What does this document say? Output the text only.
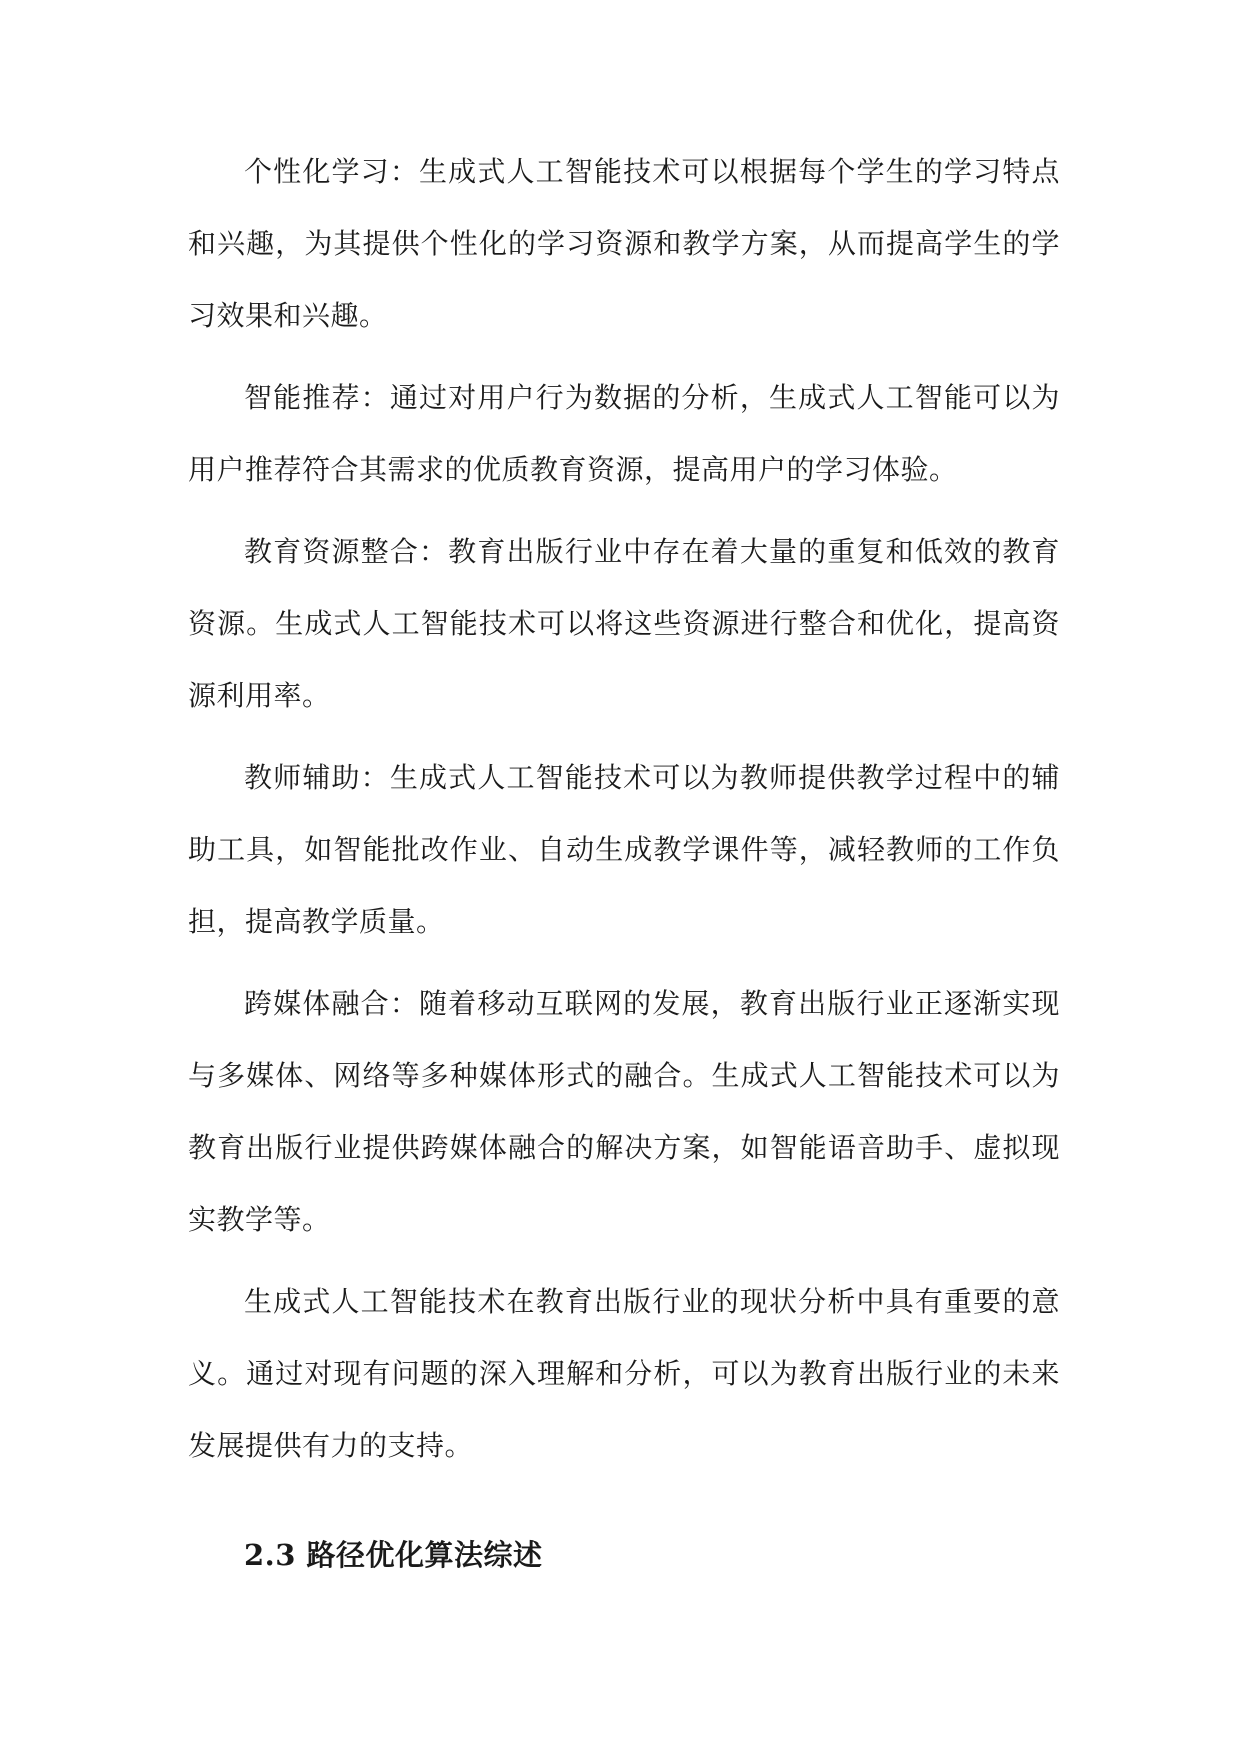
个性化学习：生成式人工智能技术可以根据每个学生的学习特点和兴趣，为其提供个性化的学习资源和教学方案，从而提高学生的学习效果和兴趣。

智能推荐：通过对用户行为数据的分析，生成式人工智能可以为用户推荐符合其需求的优质教育资源，提高用户的学习体验。

教育资源整合：教育出版行业中存在着大量的重复和低效的教育资源。生成式人工智能技术可以将这些资源进行整合和优化，提高资源利用率。

教师辅助：生成式人工智能技术可以为教师提供教学过程中的辅助工具，如智能批改作业、自动生成教学课件等，减轻教师的工作负担，提高教学质量。

跨媒体融合：随着移动互联网的发展，教育出版行业正逐渐实现与多媒体、网络等多种媒体形式的融合。生成式人工智能技术可以为教育出版行业提供跨媒体融合的解决方案，如智能语音助手、虚拟现实教学等。

生成式人工智能技术在教育出版行业的现状分析中具有重要的意义。通过对现有问题的深入理解和分析，可以为教育出版行业的未来发展提供有力的支持。

2.3 路径优化算法综述
